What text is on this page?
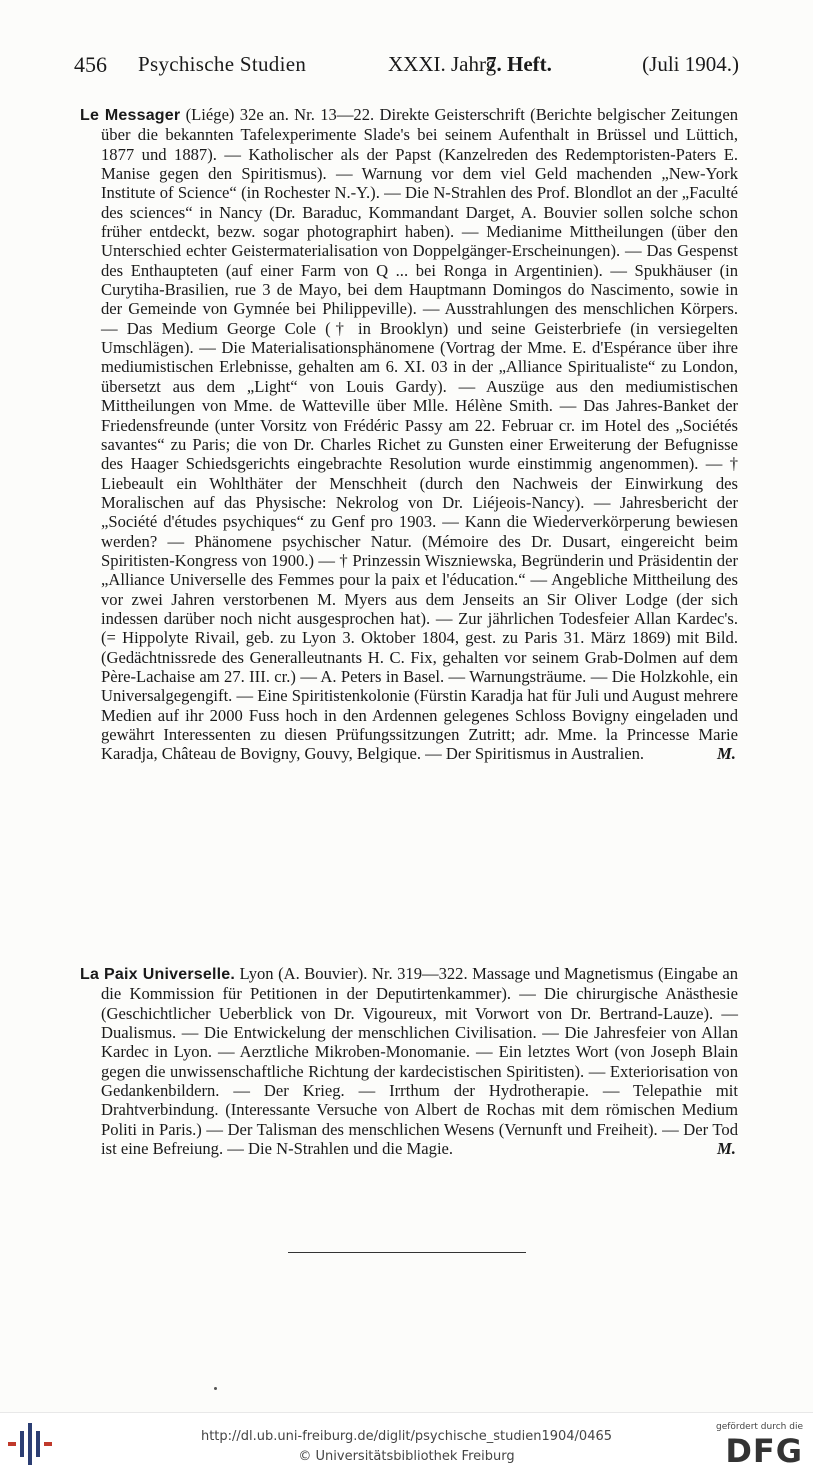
456 Psychische Studien	XXXI. Jahrg.
7. Heft.	(Juli 1904.)

Le Messager (Liége) 32e an. Nr. 13—22. Direkte Geisterschrift (Berichte belgischer Zeitungen über die bekannten Tafelexperimente Slade's bei seinem Aufenthalt in Brüssel und Lüttich, 1877 und 1887). — Katholischer als der Papst (Kanzelreden des Redemptoristen-Paters E. Manise gegen den Spiritismus). — Warnung vor dem viel Geld machenden „New-York Institute of Science“ (in Rochester N.-Y.). — Die N-Strahlen des Prof. Blondlot an der „Faculté des sciences“ in Nancy (Dr. Baraduc, Kommandant Darget, A. Bouvier sollen solche schon früher entdeckt, bezw. sogar photographirt haben). — Medianime Mittheilungen (über den Unterschied echter Geistermaterialisation von Doppelgänger-Erscheinungen). — Das Gespenst des Enthaupteten (auf einer Farm von Q ... bei Ronga in Argentinien). — Spukhäuser (in Curytiha-Brasilien, rue 3 de Mayo, bei dem Hauptmann Domingos do Nascimento, sowie in der Gemeinde von Gymnée bei Philippeville). — Ausstrahlungen des menschlichen Körpers. — Das Medium George Cole († in Brooklyn) und seine Geisterbriefe (in versiegelten Umschlägen). — Die Materialisationsphänomene (Vortrag der Mme. E. d'Espérance über ihre mediumistischen Erlebnisse, gehalten am 6. XI. 03 in der „Alliance Spiritualiste“ zu London, übersetzt aus dem „Light“ von Louis Gardy). — Auszüge aus den mediumistischen Mittheilungen von Mme. de Watteville über Mlle. Hélène Smith. — Das Jahres-Banket der Friedensfreunde (unter Vorsitz von Frédéric Passy am 22. Februar cr. im Hotel des „Sociétés savantes“ zu Paris; die von Dr. Charles Richet zu Gunsten einer Erweiterung der Befugnisse des Haager Schiedsgerichts eingebrachte Resolution wurde einstimmig angenommen). — † Liebeault ein Wohlthäter der Menschheit (durch den Nachweis der Einwirkung des Moralischen auf das Physische: Nekrolog von Dr. Liéjeois-Nancy). — Jahresbericht der „Société d'études psychiques“ zu Genf pro 1903. — Kann die Wiederverkörperung bewiesen werden? — Phänomene psychischer Natur. (Mémoire des Dr. Dusart, eingereicht beim Spiritisten-Kongress von 1900.) — † Prinzessin Wiszniewska, Begründerin und Präsidentin der „Alliance Universelle des Femmes pour la paix et l'éducation.“ — Angebliche Mittheilung des vor zwei Jahren verstorbenen M. Myers aus dem Jenseits an Sir Oliver Lodge (der sich indessen darüber noch nicht ausgesprochen hat). — Zur jährlichen Todesfeier Allan Kardec's. (= Hippolyte Rivail, geb. zu Lyon 3. Oktober 1804, gest. zu Paris 31. März 1869) mit Bild. (Gedächtnissrede des Generalleutnants H. C. Fix, gehalten vor seinem Grab-Dolmen auf dem Père-Lachaise am 27. III. cr.) — A. Peters in Basel. — Warnungsträume. — Die Holzkohle, ein Universalgegengift. — Eine Spiritistenkolonie (Fürstin Karadja hat für Juli und August mehrere Medien auf ihr 2000 Fuss hoch in den Ardennen gelegenes Schloss Bovigny eingeladen und gewährt Interessenten zu diesen Prüfungssitzungen Zutritt; adr. Mme. la Princesse Marie Karadja, Château de Bovigny, Gouvy, Belgique. — Der Spiritismus in Australien.	M.

La Paix Universelle. Lyon (A. Bouvier). Nr. 319—322. Massage und Magnetismus (Eingabe an die Kommission für Petitionen in der Deputirtenkammer). — Die chirurgische Anästhesie (Geschichtlicher Ueberblick von Dr. Vigoureux, mit Vorwort von Dr. Bertrand-Lauze). — Dualismus. — Die Entwickelung der menschlichen Civilisation. — Die Jahresfeier von Allan Kardec in Lyon. — Aerztliche Mikroben-Monomanie. — Ein letztes Wort (von Joseph Blain gegen die unwissenschaftliche Richtung der kardecistischen Spiritisten). — Exteriorisation von Gedankenbildern. — Der Krieg. — Irrthum der Hydrotherapie. — Telepathie mit Drahtverbindung. (Interessante Versuche von Albert de Rochas mit dem römischen Medium Politi in Paris.) — Der Talisman des menschlichen Wesens (Vernunft und Freiheit). — Der Tod ist eine Befreiung. — Die N-Strahlen und die Magie.	M.

http://dl.ub.uni-freiburg.de/diglit/psychische_studien1904/0465
© Universitätsbibliothek Freiburg
gefördert durch die
DFG
